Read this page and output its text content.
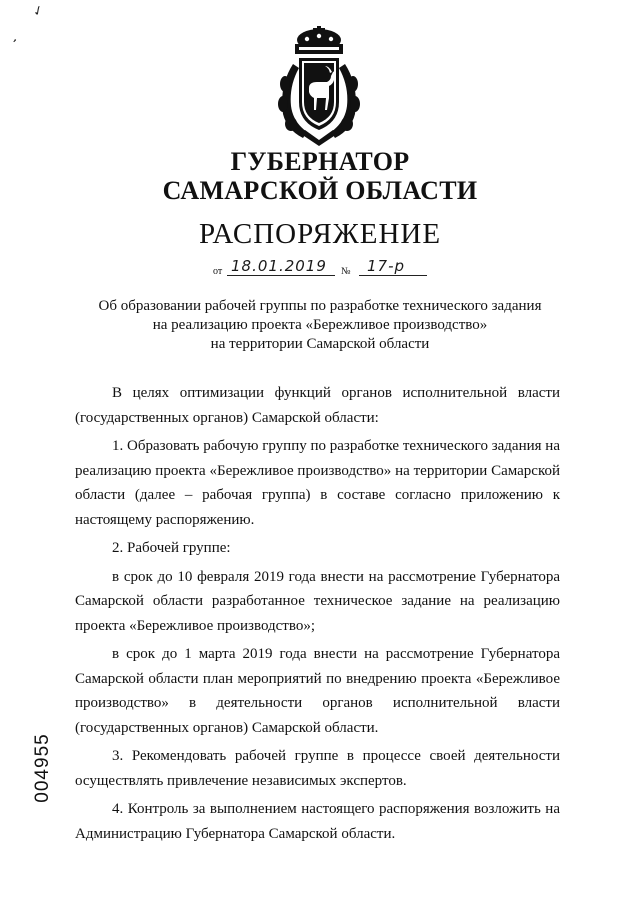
✓
,
ГУБЕРНАТОР
САМАРСКОЙ ОБЛАСТИ
РАСПОРЯЖЕНИЕ
от 18.01.2019 № 17-р
Об образовании рабочей группы по разработке технического задания
на реализацию проекта «Бережливое производство»
на территории Самарской области

В целях оптимизации функций органов исполнительной власти (государственных органов) Самарской области:

1. Образовать рабочую группу по разработке технического задания на реализацию проекта «Бережливое производство» на территории Самарской области (далее – рабочая группа) в составе согласно приложению к настоящему распоряжению.

2. Рабочей группе:

в срок до 10 февраля 2019 года внести на рассмотрение Губернатора Самарской области разработанное техническое задание на реализацию проекта «Бережливое производство»;

в срок до 1 марта 2019 года внести на рассмотрение Губернатора Самарской области план мероприятий по внедрению проекта «Бережливое производство» в деятельности органов исполнительной власти (государственных органов) Самарской области.

3. Рекомендовать рабочей группе в процессе своей деятельности осуществлять привлечение независимых экспертов.

4. Контроль за выполнением настоящего распоряжения возложить на Администрацию Губернатора Самарской области.

004955
